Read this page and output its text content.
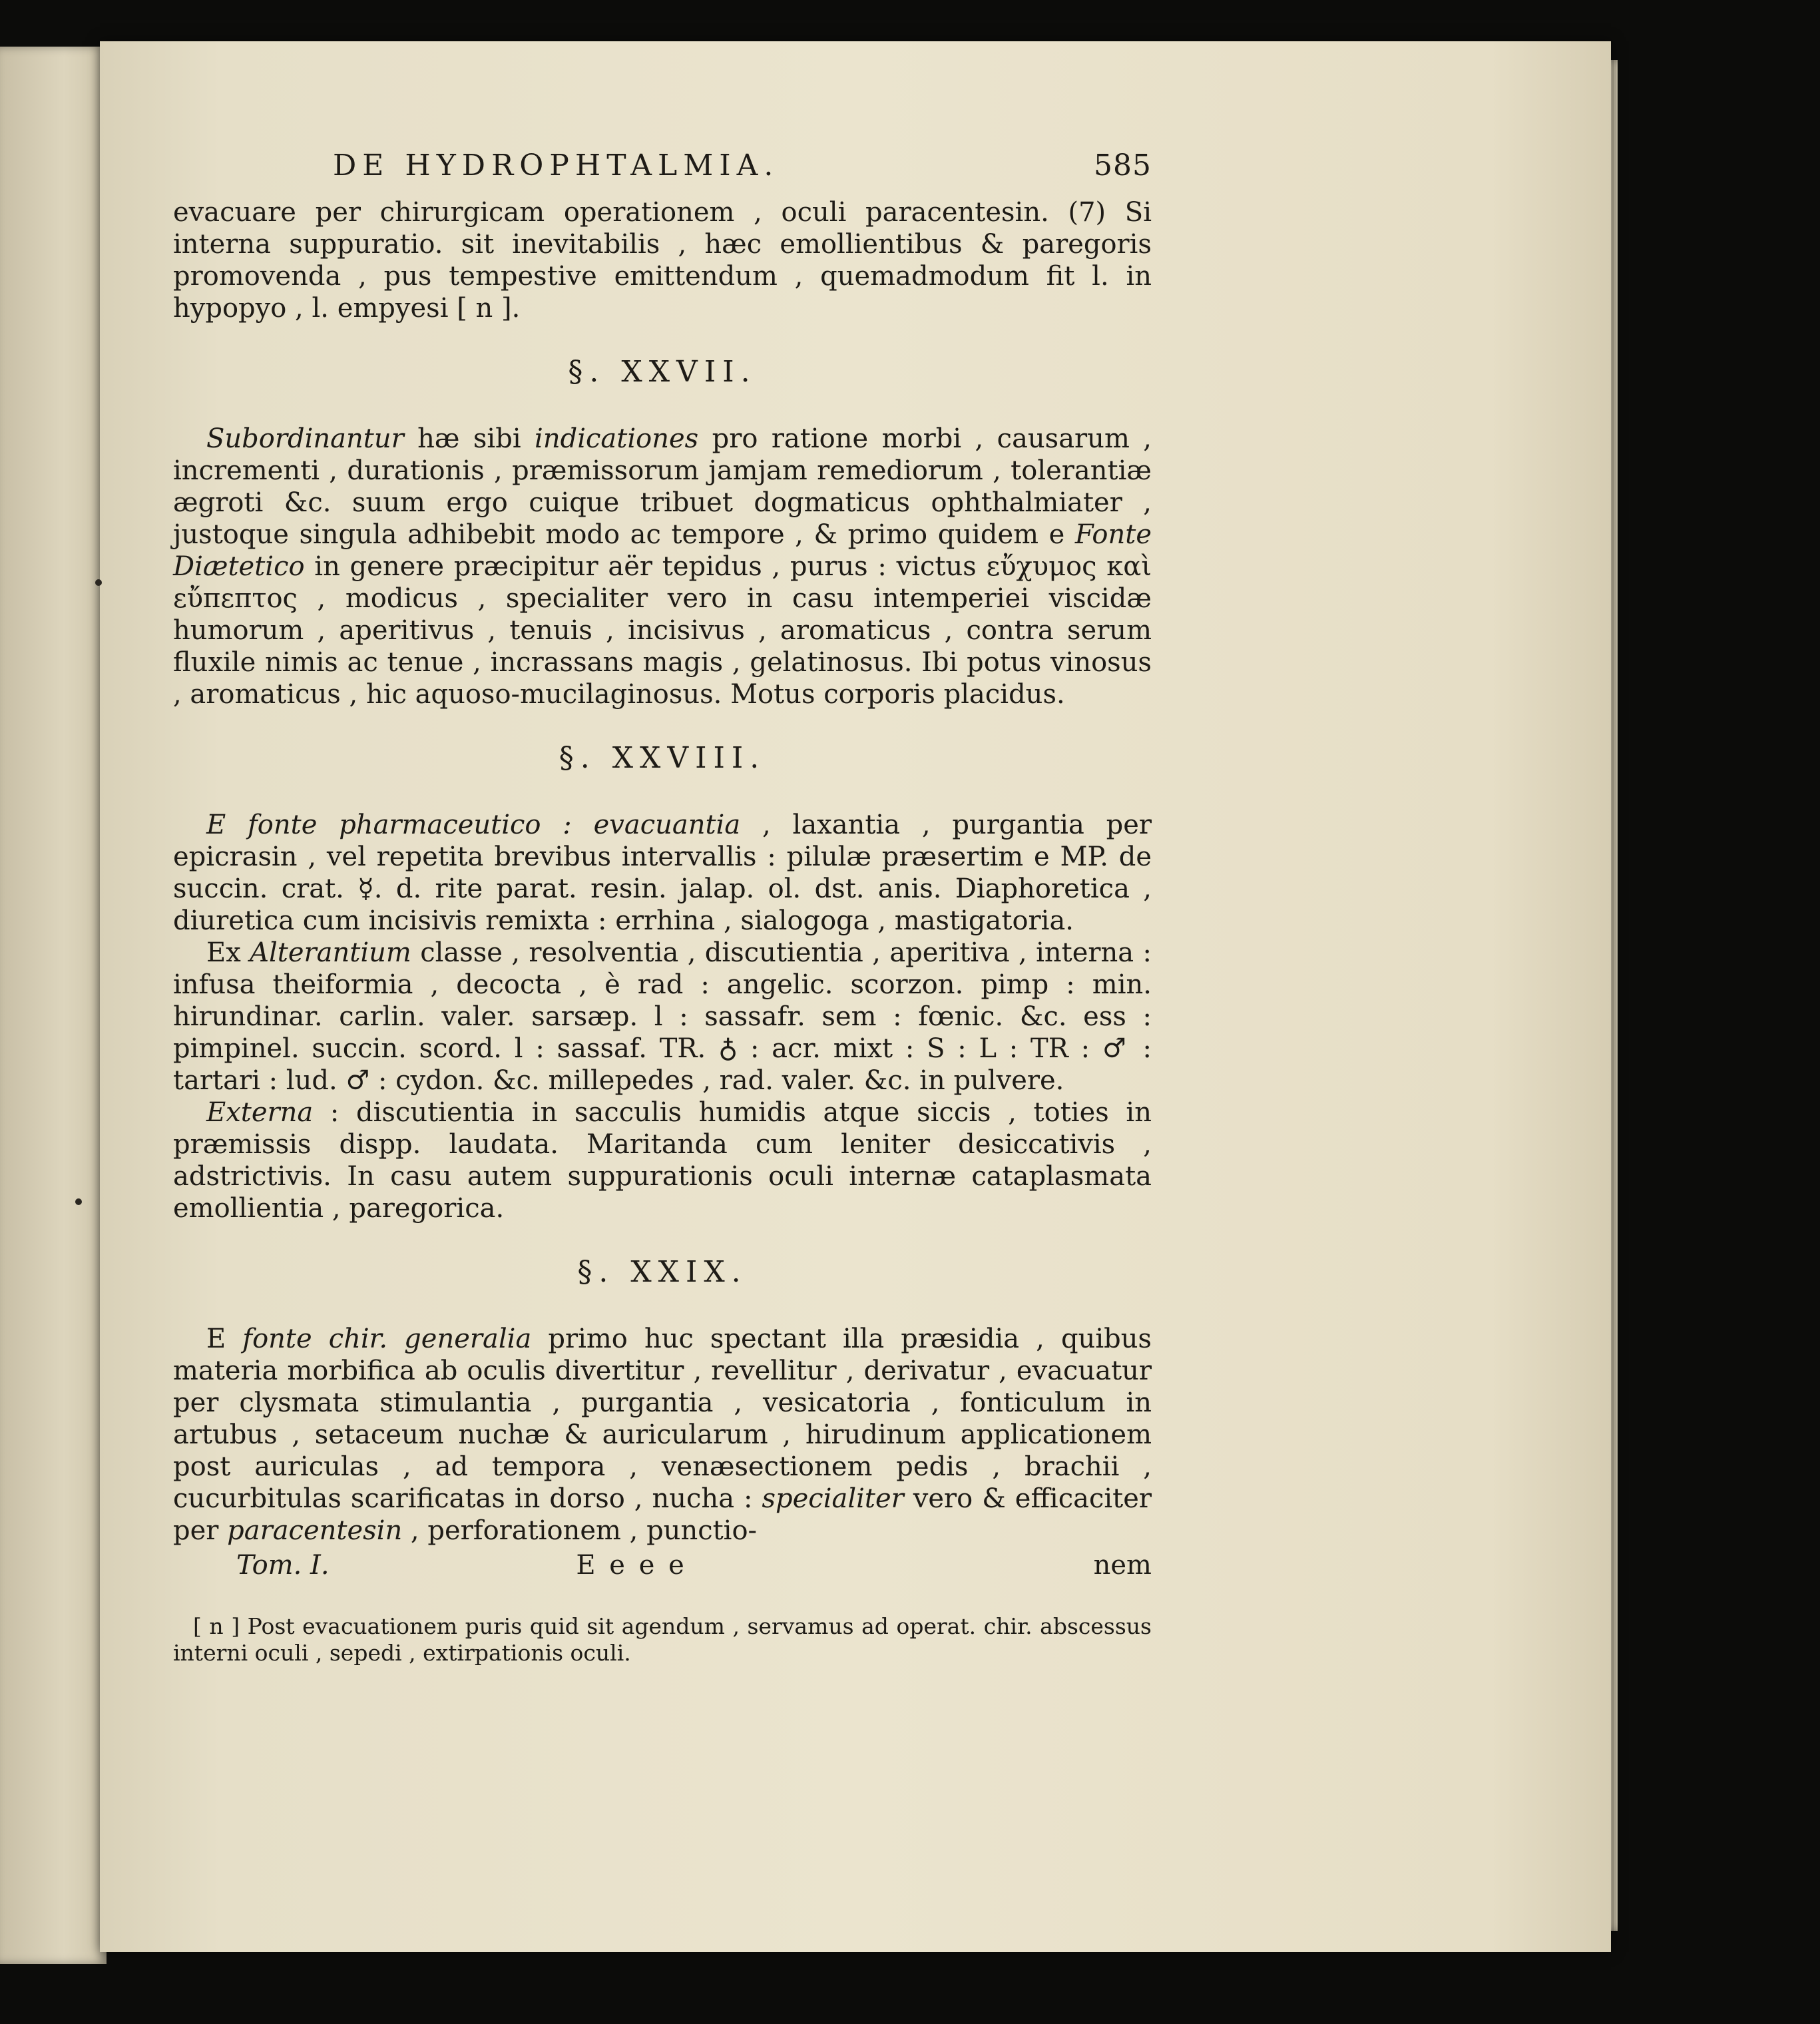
DE HYDROPHTALMIA.	585

evacuare per chirurgicam operationem , oculi paracentesin. (7) Si interna suppuratio. sit inevitabilis , hæc emollientibus & paregoris promovenda , pus tempestive emittendum , quemadmodum fit l. in hypopyo , l. empyesi [ n ].

§. XXVII.

Subordinantur hæ sibi indicationes pro ratione morbi , causarum , incrementi , durationis , præmissorum jamjam remediorum , tolerantiæ ægroti &c. suum ergo cuique tribuet dogmaticus ophthalmiater , justoque singula adhibebit modo ac tempore , & primo quidem e Fonte Diætetico in genere præcipitur aër tepidus , purus : victus εὔχυμος καὶ εὔπεπτος , modicus , specialiter vero in casu intemperiei viscidæ humorum , aperitivus , tenuis , incisivus , aromaticus , contra serum fluxile nimis ac tenue , incrassans magis , gelatinosus. Ibi potus vinosus , aromaticus , hic aquoso-mucilaginosus. Motus corporis placidus.

§. XXVIII.

E fonte pharmaceutico : evacuantia , laxantia , purgantia per epicrasin , vel repetita brevibus intervallis : pilulæ præsertim e MP. de succin. crat. ☿. d. rite parat. resin. jalap. ol. dst. anis. Diaphoretica , diuretica cum incisivis remixta : errhina , sialogoga , mastigatoria.

Ex Alterantium classe , resolventia , discutientia , aperitiva , interna : infusa theiformia , decocta , è rad : angelic. scorzon. pimp : min. hirundinar. carlin. valer. sarsæp. l : sassafr. sem : fœnic. &c. ess : pimpinel. succin. scord. l : sassaf. TR. ♁ : acr. mixt : S : L : TR : ♂ : tartari : lud. ♂ : cydon. &c. millepedes , rad. valer. &c. in pulvere.

Externa : discutientia in sacculis humidis atque siccis , toties in præmissis dispp. laudata. Maritanda cum leniter desiccativis , adstrictivis. In casu autem suppurationis oculi internæ cataplasmata emollientia , paregorica.

§. XXIX.

E fonte chir. generalia primo huc spectant illa præsidia , quibus materia morbifica ab oculis divertitur , revellitur , derivatur , evacuatur per clysmata stimulantia , purgantia , vesicatoria , fonticulum in artubus , setaceum nuchæ & auricularum , hirudinum applicationem post auriculas , ad tempora , venæsectionem pedis , brachii , cucurbitulas scarificatas in dorso , nucha : specialiter vero & efficaciter per paracentesin , perforationem , punctio-

Tom. I.	E e e e	nem

[ n ] Post evacuationem puris quid sit agendum , servamus ad operat. chir. abscessus interni oculi , sepedi , extirpationis oculi.
